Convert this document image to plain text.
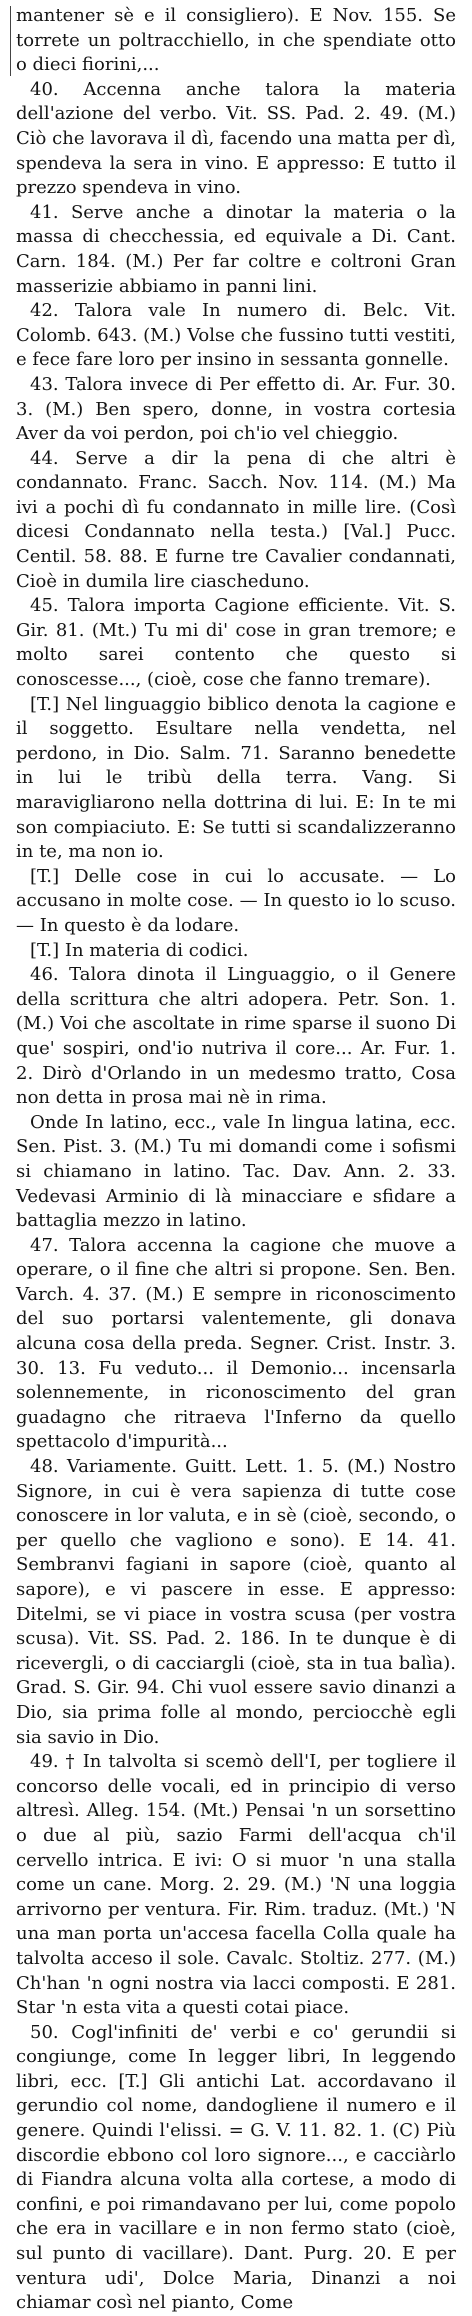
mantener sè e il consigliero). E Nov. 155. Se torrete un poltracchiello, in che spendiate otto o dieci fiorini,...

40. Accenna anche talora la materia dell'azione del verbo. Vit. SS. Pad. 2. 49. (M.) Ciò che lavorava il dì, facendo una matta per dì, spendeva la sera in vino. E appresso: E tutto il prezzo spendeva in vino.

41. Serve anche a dinotar la materia o la massa di checchessia, ed equivale a Di. Cant. Carn. 184. (M.) Per far coltre e coltroni Gran masserizie abbiamo in panni lini.

42. Talora vale In numero di. Belc. Vit. Colomb. 643. (M.) Volse che fussino tutti vestiti, e fece fare loro per insino in sessanta gonnelle.

43. Talora invece di Per effetto di. Ar. Fur. 30. 3. (M.) Ben spero, donne, in vostra cortesia Aver da voi perdon, poi ch'io vel chieggio.

44. Serve a dir la pena di che altri è condannato. Franc. Sacch. Nov. 114. (M.) Ma ivi a pochi dì fu condannato in mille lire. (Così dicesi Condannato nella testa.) [Val.] Pucc. Centil. 58. 88. E furne tre Cavalier condannati, Cioè in dumila lire ciascheduno.

45. Talora importa Cagione efficiente. Vit. S. Gir. 81. (Mt.) Tu mi di' cose in gran tremore; e molto sarei contento che questo si conoscesse..., (cioè, cose che fanno tremare).

[T.] Nel linguaggio biblico denota la cagione e il soggetto. Esultare nella vendetta, nel perdono, in Dio. Salm. 71. Saranno benedette in lui le tribù della terra. Vang. Si maravigliarono nella dottrina di lui. E: In te mi son compiaciuto. E: Se tutti si scandalizzeranno in te, ma non io.

[T.] Delle cose in cui lo accusate. — Lo accusano in molte cose. — In questo io lo scuso. — In questo è da lodare.

[T.] In materia di codici.

46. Talora dinota il Linguaggio, o il Genere della scrittura che altri adopera. Petr. Son. 1. (M.) Voi che ascoltate in rime sparse il suono Di que' sospiri, ond'io nutriva il core... Ar. Fur. 1. 2. Dirò d'Orlando in un medesmo tratto, Cosa non detta in prosa mai nè in rima.

Onde In latino, ecc., vale In lingua latina, ecc. Sen. Pist. 3. (M.) Tu mi domandi come i sofismi si chiamano in latino. Tac. Dav. Ann. 2. 33. Vedevasi Arminio di là minacciare e sfidare a battaglia mezzo in latino.

47. Talora accenna la cagione che muove a operare, o il fine che altri si propone. Sen. Ben. Varch. 4. 37. (M.) E sempre in riconoscimento del suo portarsi valentemente, gli donava alcuna cosa della preda. Segner. Crist. Instr. 3. 30. 13. Fu veduto... il Demonio... incensarla solennemente, in riconoscimento del gran guadagno che ritraeva l'Inferno da quello spettacolo d'impurità...

48. Variamente. Guitt. Lett. 1. 5. (M.) Nostro Signore, in cui è vera sapienza di tutte cose conoscere in lor valuta, e in sè (cioè, secondo, o per quello che vagliono e sono). E 14. 41. Sembranvi fagiani in sapore (cioè, quanto al sapore), e vi pascere in esse. E appresso: Ditelmi, se vi piace in vostra scusa (per vostra scusa). Vit. SS. Pad. 2. 186. In te dunque è di ricevergli, o di cacciargli (cioè, sta in tua balìa). Grad. S. Gir. 94. Chi vuol essere savio dinanzi a Dio, sia prima folle al mondo, perciocchè egli sia savio in Dio.

49. † In talvolta si scemò dell'I, per togliere il concorso delle vocali, ed in principio di verso altresì. Alleg. 154. (Mt.) Pensai 'n un sorsettino o due al più, sazio Farmi dell'acqua ch'il cervello intrica. E ivi: O si muor 'n una stalla come un cane. Morg. 2. 29. (M.) 'N una loggia arrivorno per ventura. Fir. Rim. traduz. (Mt.) 'N una man porta un'accesa facella Colla quale ha talvolta acceso il sole. Cavalc. Stoltiz. 277. (M.) Ch'han 'n ogni nostra via lacci composti. E 281. Star 'n esta vita a questi cotai piace.

50. Cogl'infiniti de' verbi e co' gerundii si congiunge, come In legger libri, In leggendo libri, ecc. [T.] Gli antichi Lat. accordavano il gerundio col nome, dandogliene il numero e il genere. Quindi l'elissi. = G. V. 11. 82. 1. (C) Più discordie ebbono col loro signore..., e cacciàrlo di Fiandra alcuna volta alla cortese, a modo di confini, e poi rimandavano per lui, come popolo che era in vacillare e in non fermo stato (cioè, sul punto di vacillare). Dant. Purg. 20. E per ventura udi', Dolce Maria, Dinanzi a noi chiamar così nel pianto, Come
